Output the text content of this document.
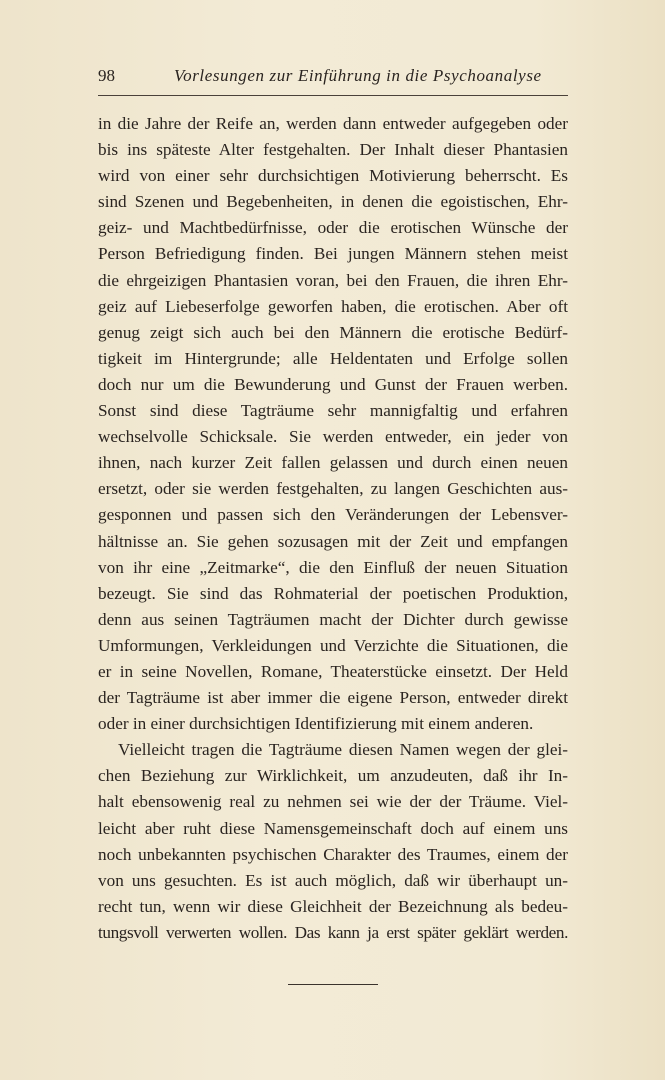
98	Vorlesungen zur Einführung in die Psychoanalyse
in die Jahre der Reife an, werden dann entweder aufgegeben oder
bis ins späteste Alter festgehalten. Der Inhalt dieser Phantasien
wird von einer sehr durchsichtigen Motivierung beherrscht. Es
sind Szenen und Begebenheiten, in denen die egoistischen, Ehr-
geiz- und Machtbedürfnisse, oder die erotischen Wünsche der
Person Befriedigung finden. Bei jungen Männern stehen meist
die ehrgeizigen Phantasien voran, bei den Frauen, die ihren Ehr-
geiz auf Liebeserfolge geworfen haben, die erotischen. Aber oft
genug zeigt sich auch bei den Männern die erotische Bedürf-
tigkeit im Hintergrunde; alle Heldentaten und Erfolge sollen
doch nur um die Bewunderung und Gunst der Frauen werben.
Sonst sind diese Tagträume sehr mannigfaltig und erfahren
wechselvolle Schicksale. Sie werden entweder, ein jeder von
ihnen, nach kurzer Zeit fallen gelassen und durch einen neuen
ersetzt, oder sie werden festgehalten, zu langen Geschichten aus-
gesponnen und passen sich den Veränderungen der Lebensver-
hältnisse an. Sie gehen sozusagen mit der Zeit und empfangen
von ihr eine „Zeitmarke“, die den Einfluß der neuen Situation
bezeugt. Sie sind das Rohmaterial der poetischen Produktion,
denn aus seinen Tagträumen macht der Dichter durch gewisse
Umformungen, Verkleidungen und Verzichte die Situationen, die
er in seine Novellen, Romane, Theaterstücke einsetzt. Der Held
der Tagträume ist aber immer die eigene Person, entweder direkt
oder in einer durchsichtigen Identifizierung mit einem anderen.
Vielleicht tragen die Tagträume diesen Namen wegen der glei-
chen Beziehung zur Wirklichkeit, um anzudeuten, daß ihr In-
halt ebensowenig real zu nehmen sei wie der der Träume. Viel-
leicht aber ruht diese Namensgemeinschaft doch auf einem uns
noch unbekannten psychischen Charakter des Traumes, einem der
von uns gesuchten. Es ist auch möglich, daß wir überhaupt un-
recht tun, wenn wir diese Gleichheit der Bezeichnung als bedeu-
tungsvoll verwerten wollen. Das kann ja erst später geklärt werden.
